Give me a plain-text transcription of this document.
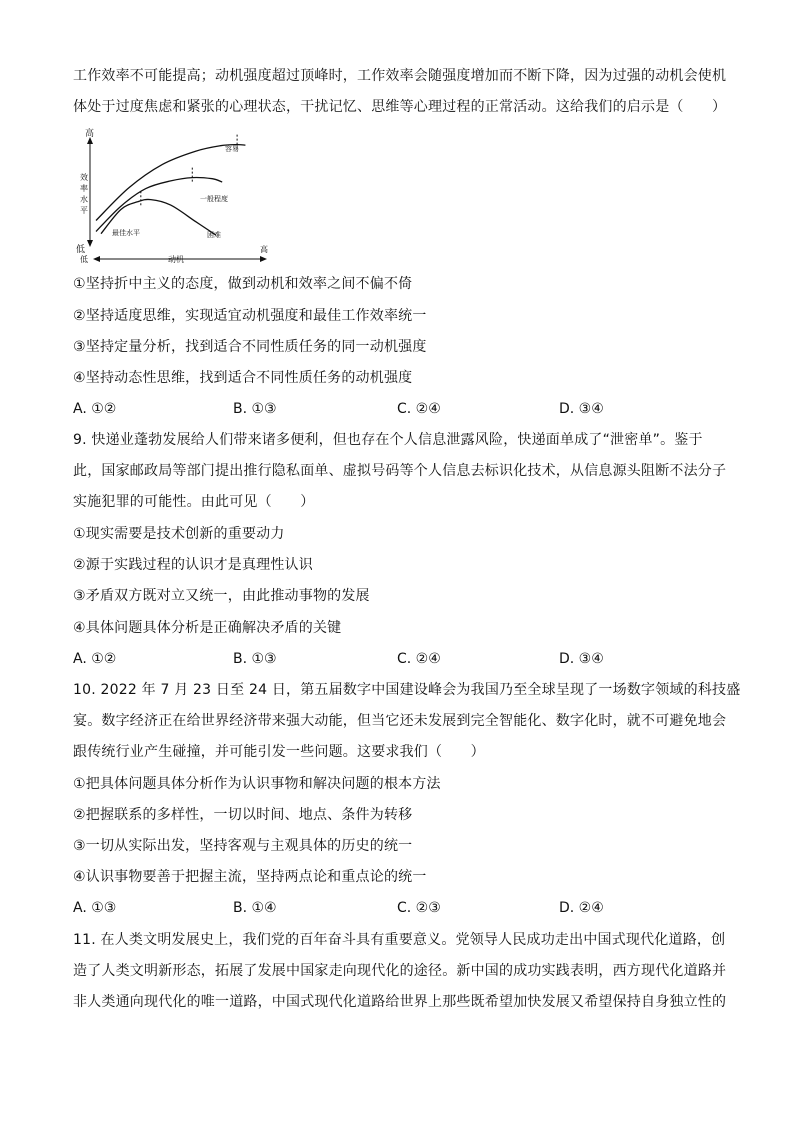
工作效率不可能提高；动机强度超过顶峰时，工作效率会随强度增加而不断下降，因为过强的动机会使机
体处于过度焦虑和紧张的心理状态，干扰记忆、思维等心理过程的正常活动。这给我们的启示是（　　）
高
效
率
水
平
低
低	动机
高
容易
一般程度
困难
最佳水平
①坚持折中主义的态度，做到动机和效率之间不偏不倚
②坚持适度思维，实现适宜动机强度和最佳工作效率统一
③坚持定量分析，找到适合不同性质任务的同一动机强度
④坚持动态性思维，找到适合不同性质任务的动机强度
A. ①②	B. ①③	C. ②④	D. ③④
9. 快递业蓬勃发展给人们带来诸多便利，但也存在个人信息泄露风险，快递面单成了“泄密单”。鉴于
此，国家邮政局等部门提出推行隐私面单、虚拟号码等个人信息去标识化技术，从信息源头阻断不法分子
实施犯罪的可能性。由此可见（　　）
①现实需要是技术创新的重要动力
②源于实践过程的认识才是真理性认识
③矛盾双方既对立又统一，由此推动事物的发展
④具体问题具体分析是正确解决矛盾的关键
A. ①②	B. ①③	C. ②④	D. ③④
10. 2022 年 7 月 23 日至 24 日，第五届数字中国建设峰会为我国乃至全球呈现了一场数字领域的科技盛
宴。数字经济正在给世界经济带来强大动能，但当它还未发展到完全智能化、数字化时，就不可避免地会
跟传统行业产生碰撞，并可能引发一些问题。这要求我们（　　）
①把具体问题具体分析作为认识事物和解决问题的根本方法
②把握联系的多样性，一切以时间、地点、条件为转移
③一切从实际出发，坚持客观与主观具体的历史的统一
④认识事物要善于把握主流，坚持两点论和重点论的统一
A. ①③	B. ①④	C. ②③	D. ②④
11. 在人类文明发展史上，我们党的百年奋斗具有重要意义。党领导人民成功走出中国式现代化道路，创
造了人类文明新形态，拓展了发展中国家走向现代化的途径。新中国的成功实践表明，西方现代化道路并
非人类通向现代化的唯一道路，中国式现代化道路给世界上那些既希望加快发展又希望保持自身独立性的
